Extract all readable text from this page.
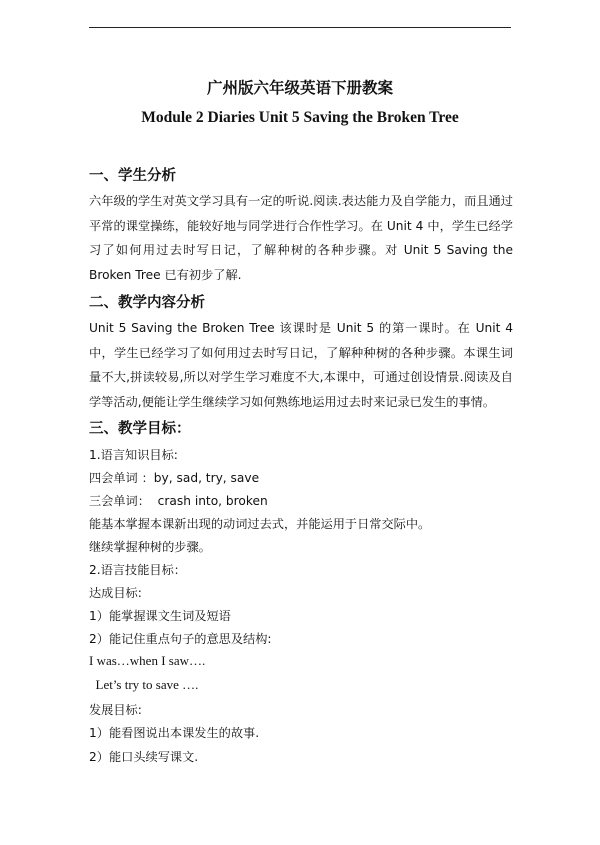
广州版六年级英语下册教案
Module 2 Diaries Unit 5 Saving the Broken Tree
一、学生分析
六年级的学生对英文学习具有一定的听说.阅读.表达能力及自学能力，而且通过平常的课堂操练，能较好地与同学进行合作性学习。在 Unit 4 中，学生已经学习了如何用过去时写日记，了解种树的各种步骤。对 Unit 5 Saving the Broken Tree 已有初步了解.
二、教学内容分析
Unit 5 Saving the Broken Tree 该课时是 Unit 5 的第一课时。在 Unit 4 中，学生已经学习了如何用过去时写日记，了解种种树的各种步骤。本课生词量不大,拼读较易,所以对学生学习难度不大,本课中，可通过创设情景.阅读及自学等活动,便能让学生继续学习如何熟练地运用过去时来记录已发生的事情。
三、教学目标：
1.语言知识目标:
四会单词 ：by, sad, try, save
三会单词：  crash into, broken
能基本掌握本课新出现的动词过去式，并能运用于日常交际中。
继续掌握种树的步骤。
2.语言技能目标：
达成目标:
1）能掌握课文生词及短语
2）能记住重点句子的意思及结构:
I was…when I saw….
Let’s try to save ….
发展目标:
1）能看图说出本课发生的故事.
2）能口头续写课文.
